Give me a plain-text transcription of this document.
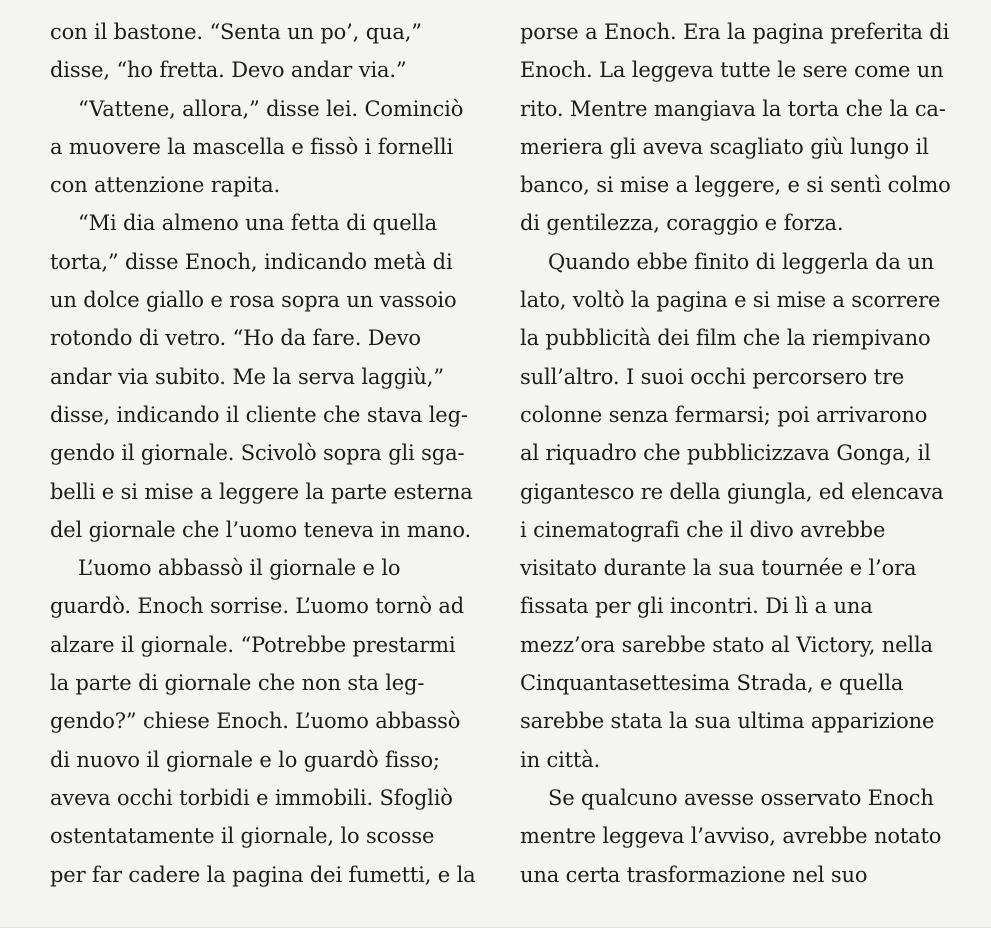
con il bastone. “Senta un po’, qua,”
disse, “ho fretta. Devo andar via.”
“Vattene, allora,” disse lei. Cominciò
a muovere la mascella e fissò i fornelli
con attenzione rapita.
“Mi dia almeno una fetta di quella
torta,” disse Enoch, indicando metà di
un dolce giallo e rosa sopra un vassoio
rotondo di vetro. “Ho da fare. Devo
andar via subito. Me la serva laggiù,”
disse, indicando il cliente che stava leg-
gendo il giornale. Scivolò sopra gli sga-
belli e si mise a leggere la parte esterna
del giornale che l’uomo teneva in mano.
L’uomo abbassò il giornale e lo
guardò. Enoch sorrise. L’uomo tornò ad
alzare il giornale. “Potrebbe prestarmi
la parte di giornale che non sta leg-
gendo?” chiese Enoch. L’uomo abbassò
di nuovo il giornale e lo guardò fisso;
aveva occhi torbidi e immobili. Sfogliò
ostentatamente il giornale, lo scosse
per far cadere la pagina dei fumetti, e la
porse a Enoch. Era la pagina preferita di
Enoch. La leggeva tutte le sere come un
rito. Mentre mangiava la torta che la ca-
meriera gli aveva scagliato giù lungo il
banco, si mise a leggere, e si sentì colmo
di gentilezza, coraggio e forza.
Quando ebbe finito di leggerla da un
lato, voltò la pagina e si mise a scorrere
la pubblicità dei film che la riempivano
sull’altro. I suoi occhi percorsero tre
colonne senza fermarsi; poi arrivarono
al riquadro che pubblicizzava Gonga, il
gigantesco re della giungla, ed elencava
i cinematografi che il divo avrebbe
visitato durante la sua tournée e l’ora
fissata per gli incontri. Di lì a una
mezz’ora sarebbe stato al Victory, nella
Cinquantasettesima Strada, e quella
sarebbe stata la sua ultima apparizione
in città.
Se qualcuno avesse osservato Enoch
mentre leggeva l’avviso, avrebbe notato
una certa trasformazione nel suo
